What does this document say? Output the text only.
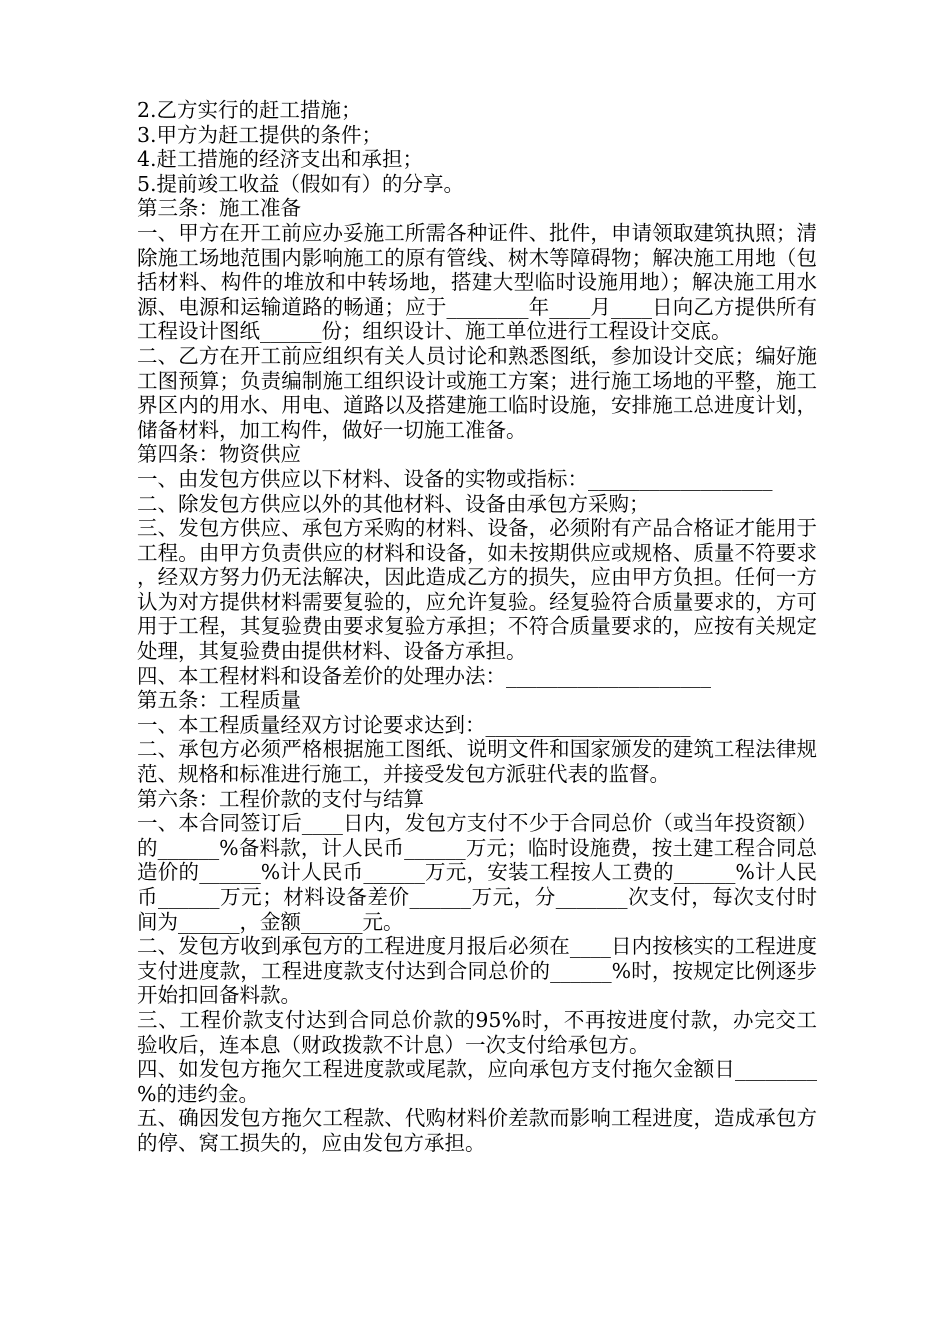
2.乙方实行的赶工措施；

3.甲方为赶工提供的条件；

4.赶工措施的经济支出和承担；

5.提前竣工收益（假如有）的分享。

第三条：施工准备

一、甲方在开工前应办妥施工所需各种证件、批件，申请领取建筑执照；清除施工场地范围内影响施工的原有管线、树木等障碍物；解决施工用地（包括材料、构件的堆放和中转场地，搭建大型临时设施用地）；解决施工用水源、电源和运输道路的畅通；应于________年____月____日向乙方提供所有工程设计图纸______份；组织设计、施工单位进行工程设计交底。

二、乙方在开工前应组织有关人员讨论和熟悉图纸，参加设计交底；编好施工图预算；负责编制施工组织设计或施工方案；进行施工场地的平整，施工界区内的用水、用电、道路以及搭建施工临时设施，安排施工总进度计划，储备材料，加工构件，做好一切施工准备。

第四条：物资供应

一、由发包方供应以下材料、设备的实物或指标：__________________

二、除发包方供应以外的其他材料、设备由承包方采购；

三、发包方供应、承包方采购的材料、设备，必须附有产品合格证才能用于工程。由甲方负责供应的材料和设备，如未按期供应或规格、质量不符要求，经双方努力仍无法解决，因此造成乙方的损失，应由甲方负担。任何一方认为对方提供材料需要复验的，应允许复验。经复验符合质量要求的，方可用于工程，其复验费由要求复验方承担；不符合质量要求的，应按有关规定处理，其复验费由提供材料、设备方承担。

四、本工程材料和设备差价的处理办法：____________________

第五条：工程质量

一、本工程质量经双方讨论要求达到：____________________

二、承包方必须严格根据施工图纸、说明文件和国家颁发的建筑工程法律规范、规格和标准进行施工，并接受发包方派驻代表的监督。

第六条：工程价款的支付与结算

一、本合同签订后____日内，发包方支付不少于合同总价（或当年投资额）的______%备料款，计人民币______万元；临时设施费，按土建工程合同总造价的______%计人民币______万元，安装工程按人工费的______%计人民币______万元；材料设备差价______万元，分_______次支付，每次支付时间为______，金额______元。

二、发包方收到承包方的工程进度月报后必须在____日内按核实的工程进度支付进度款，工程进度款支付达到合同总价的______%时，按规定比例逐步开始扣回备料款。

三、工程价款支付达到合同总价款的95%时，不再按进度付款，办完交工验收后，连本息（财政拨款不计息）一次支付给承包方。

四、如发包方拖欠工程进度款或尾款，应向承包方支付拖欠金额日________%的违约金。

五、确因发包方拖欠工程款、代购材料价差款而影响工程进度，造成承包方的停、窝工损失的，应由发包方承担。
